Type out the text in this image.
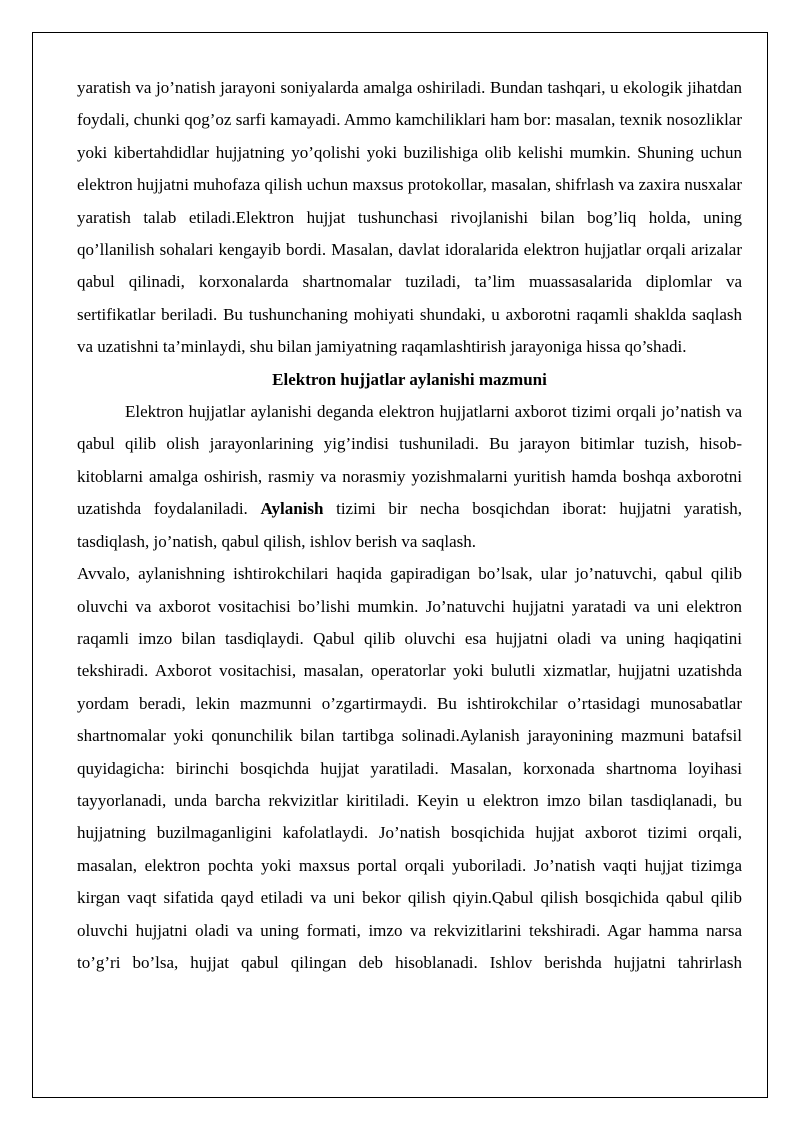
yaratish va jo’natish jarayoni soniyalarda amalga oshiriladi. Bundan tashqari, u ekologik jihatdan foydali, chunki qog’oz sarfi kamayadi. Ammo kamchiliklari ham bor: masalan, texnik nosozliklar yoki kibertahdidlar hujjatning yo’qolishi yoki buzilishiga olib kelishi mumkin. Shuning uchun elektron hujjatni muhofaza qilish uchun maxsus protokollar, masalan, shifrlash va zaxira nusxalar yaratish talab etiladi.Elektron hujjat tushunchasi rivojlanishi bilan bog’liq holda, uning qo’llanilish sohalari kengayib bordi. Masalan, davlat idoralarida elektron hujjatlar orqali arizalar qabul qilinadi, korxonalarda shartnomalar tuziladi, ta’lim muassasalarida diplomlar va sertifikatlar beriladi. Bu tushunchaning mohiyati shundaki, u axborotni raqamli shaklda saqlash va uzatishni ta’minlaydi, shu bilan jamiyatning raqamlashtirish jarayoniga hissa qo’shadi.

Elektron hujjatlar aylanishi mazmuni

Elektron hujjatlar aylanishi deganda elektron hujjatlarni axborot tizimi orqali jo’natish va qabul qilib olish jarayonlarining yig’indisi tushuniladi. Bu jarayon bitimlar tuzish, hisob-kitoblarni amalga oshirish, rasmiy va norasmiy yozishmalarni yuritish hamda boshqa axborotni uzatishda foydalaniladi. Aylanish tizimi bir necha bosqichdan iborat: hujjatni yaratish, tasdiqlash, jo’natish, qabul qilish, ishlov berish va saqlash.

Avvalo, aylanishning ishtirokchilari haqida gapiradigan bo’lsak, ular jo’natuvchi, qabul qilib oluvchi va axborot vositachisi bo’lishi mumkin. Jo’natuvchi hujjatni yaratadi va uni elektron raqamli imzo bilan tasdiqlaydi. Qabul qilib oluvchi esa hujjatni oladi va uning haqiqatini tekshiradi. Axborot vositachisi, masalan, operatorlar yoki bulutli xizmatlar, hujjatni uzatishda yordam beradi, lekin mazmunni o’zgartirmaydi. Bu ishtirokchilar o’rtasidagi munosabatlar shartnomalar yoki qonunchilik bilan tartibga solinadi.Aylanish jarayonining mazmuni batafsil quyidagicha: birinchi bosqichda hujjat yaratiladi. Masalan, korxonada shartnoma loyihasi tayyorlanadi, unda barcha rekvizitlar kiritiladi. Keyin u elektron imzo bilan tasdiqlanadi, bu hujjatning buzilmaganligini kafolatlaydi. Jo’natish bosqichida hujjat axborot tizimi orqali, masalan, elektron pochta yoki maxsus portal orqali yuboriladi. Jo’natish vaqti hujjat tizimga kirgan vaqt sifatida qayd etiladi va uni bekor qilish qiyin.Qabul qilish bosqichida qabul qilib oluvchi hujjatni oladi va uning formati, imzo va rekvizitlarini tekshiradi. Agar hamma narsa to’g’ri bo’lsa, hujjat qabul qilingan deb hisoblanadi. Ishlov berishda hujjatni tahrirlash
